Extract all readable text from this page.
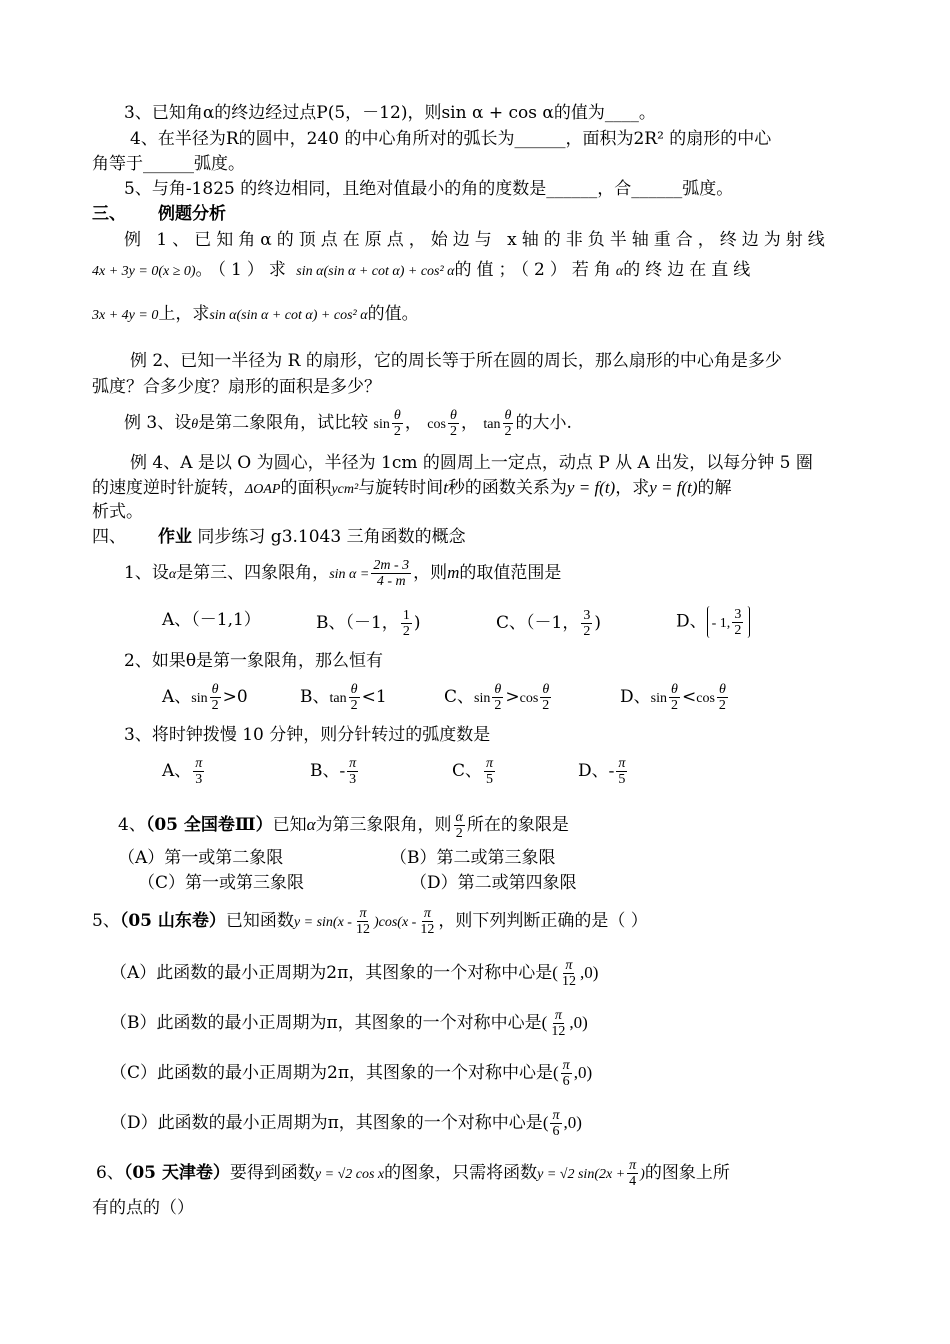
3、已知角α的终边经过点P(5，－12)，则sin α + cos α的值为____。
4、在半径为R的圆中，240 的中心角所对的弧长为______，面积为2R² 的扇形的中心
角等于______弧度。
5、与角-1825 的终边相同，且绝对值最小的角的度数是______，合______弧度。
三、 例题分析
例 1、已知角α的顶点在原点，始边与 x轴的非负半轴重合，终边为射线
4x + 3y = 0(x ≥ 0)。（1）求 sin α(sin α + cot α) + cos² α的值；（2）若角α的终边在直线
3x + 4y = 0上，求sin α(sin α + cot α) + cos² α的值。
例 2、已知一半径为 R 的扇形，它的周长等于所在圆的周长，那么扇形的中心角是多少
弧度？合多少度？扇形的面积是多少？
例 3、设θ是第二象限角，试比较 $\sin \frac{\theta}{2}$ ， $\cos \frac{\theta}{2}$ ， $\tan \frac{\theta}{2}$ 的大小.
例 4、A 是以 O 为圆心，半径为 1cm 的圆周上一定点，动点 P 从 A 出发，以每分钟 5 圈
的速度逆时针旋转，ΔOAP的面积ycm²与旋转时间t秒的函数关系为y = f(t)，求y = f(t)的解
析式。
四、 作业 同步练习 g3.1043 三角函数的概念
1、设α是第三、四象限角，$\sin \alpha = \frac{2m - 3}{4 - m}$ ，则m的取值范围是
A、（－1,1）	B、（－1， $\frac{1}{2}$ )	C、（－1， $\frac{3}{2}$ )	D、 - 1, $\frac{3}{2}$
2、如果θ是第一象限角，那么恒有
A、$\sin \frac{\theta}{2} >0$	B、$\tan \frac{\theta}{2} <1$	C、$\sin \frac{\theta}{2} >\cos \frac{\theta}{2}$	D、$\sin \frac{\theta}{2} <\cos \frac{\theta}{2}$
3、将时钟拨慢 10 分钟，则分针转过的弧度数是
A、 $\frac{\pi}{3}$	B、- $\frac{\pi}{3}$	C、 $\frac{\pi}{5}$	D、- $\frac{\pi}{5}$
4、（05 全国卷Ⅲ）已知α为第三象限角，则 $\frac{\alpha}{2}$ 所在的象限是
（A）第一或第二象限	（B）第二或第三象限
（C）第一或第三象限	（D）第二或第四象限
5、（05 山东卷）已知函数$y = \sin(x - \frac{\pi}{12} )\cos(x - \frac{\pi}{12}$ ，则下列判断正确的是（ ）
（A）此函数的最小正周期为2π，其图象的一个对称中心是( $\frac{\pi}{12} ,0$)
（B）此函数的最小正周期为π，其图象的一个对称中心是( $\frac{\pi}{12} ,0$)
（C）此函数的最小正周期为2π，其图象的一个对称中心是( $\frac{\pi}{6} ,0$)
（D）此函数的最小正周期为π，其图象的一个对称中心是( $\frac{\pi}{6} ,0$)
6、（05 天津卷）要得到函数y = √2 cos x的图象，只需将函数y = √2 $\sin(2x + \frac{\pi}{4}$ )的图象上所
有的点的（）
